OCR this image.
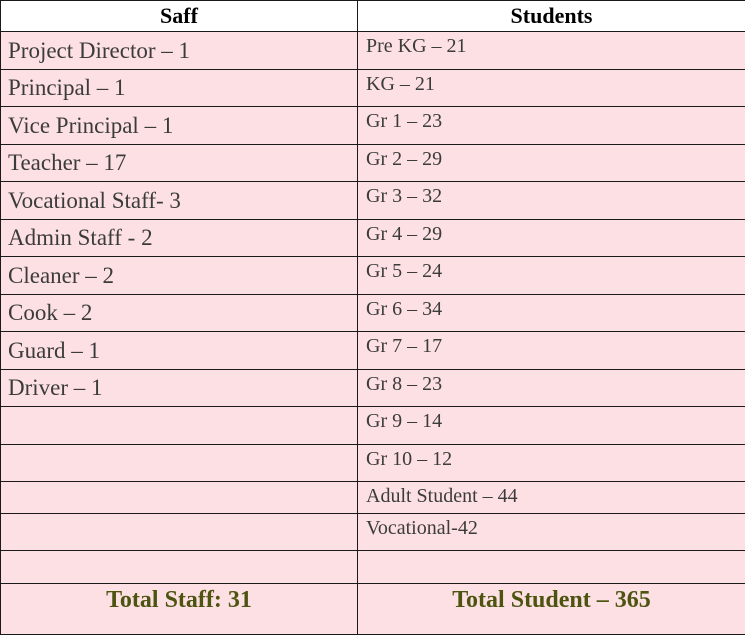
Saff	Students
Project Director – 1	Pre KG – 21
Principal – 1	KG – 21
Vice Principal – 1	Gr 1 – 23
Teacher – 17	Gr 2 – 29
Vocational Staff- 3	Gr 3 – 32
Admin Staff - 2	Gr 4 – 29
Cleaner – 2	Gr 5 – 24
Cook – 2	Gr 6 – 34
Guard – 1	Gr 7 – 17
Driver – 1	Gr 8 – 23
	Gr 9 – 14
	Gr 10 – 12
	Adult Student – 44
	Vocational-42

Total Staff: 31	Total Student – 365
